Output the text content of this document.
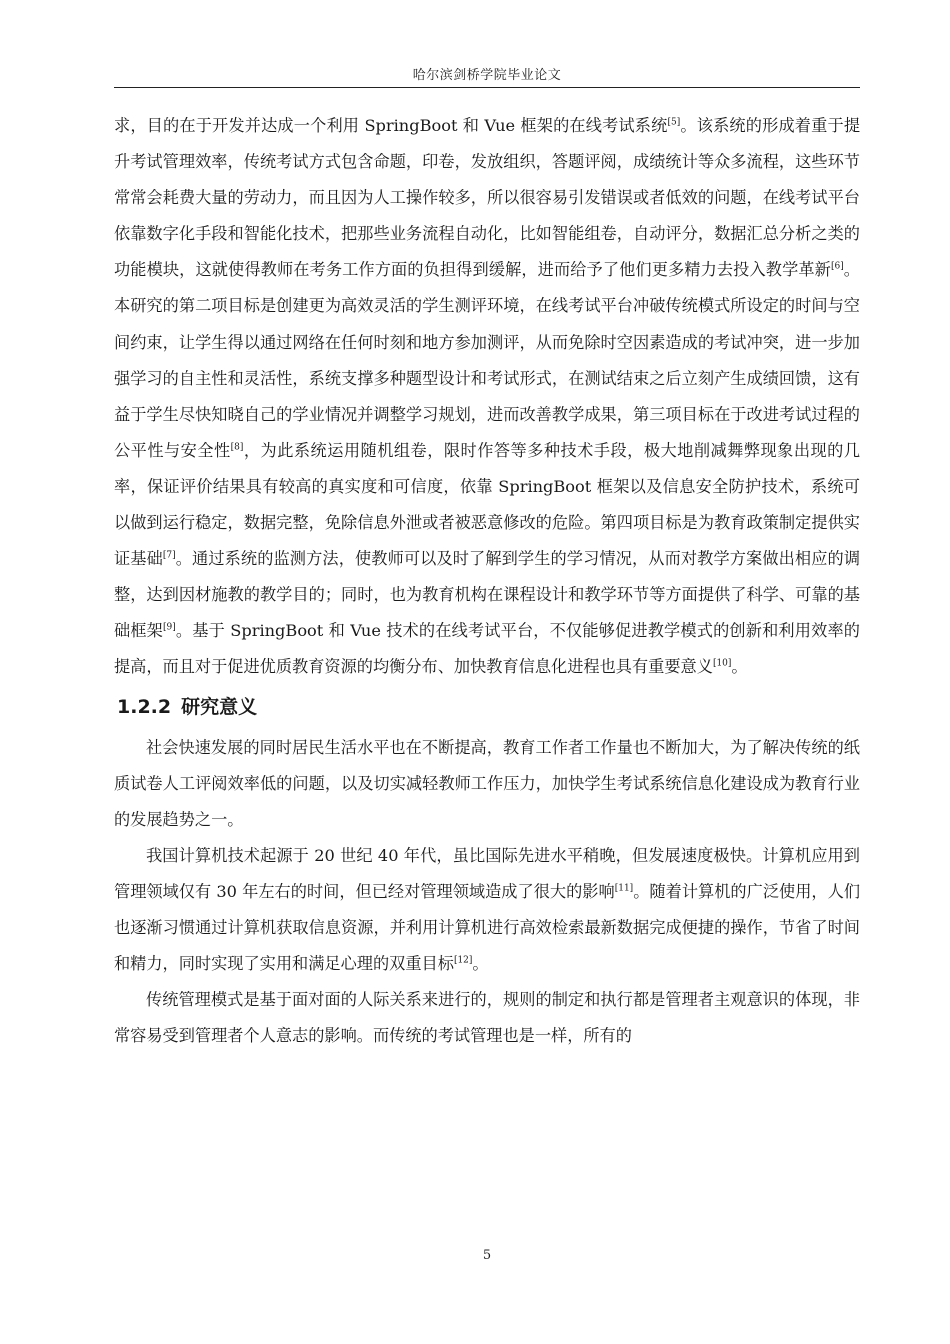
哈尔滨剑桥学院毕业论文

求，目的在于开发并达成一个利用 SpringBoot 和 Vue 框架的在线考试系统[5]。该系统的形成着重于提升考试管理效率，传统考试方式包含命题，印卷，发放组织，答题评阅，成绩统计等众多流程，这些环节常常会耗费大量的劳动力，而且因为人工操作较多，所以很容易引发错误或者低效的问题，在线考试平台依靠数字化手段和智能化技术，把那些业务流程自动化，比如智能组卷，自动评分，数据汇总分析之类的功能模块，这就使得教师在考务工作方面的负担得到缓解，进而给予了他们更多精力去投入教学革新[6]。本研究的第二项目标是创建更为高效灵活的学生测评环境，在线考试平台冲破传统模式所设定的时间与空间约束，让学生得以通过网络在任何时刻和地方参加测评，从而免除时空因素造成的考试冲突，进一步加强学习的自主性和灵活性，系统支撑多种题型设计和考试形式，在测试结束之后立刻产生成绩回馈，这有益于学生尽快知晓自己的学业情况并调整学习规划，进而改善教学成果，第三项目标在于改进考试过程的公平性与安全性[8]，为此系统运用随机组卷，限时作答等多种技术手段，极大地削减舞弊现象出现的几率，保证评价结果具有较高的真实度和可信度，依靠 SpringBoot 框架以及信息安全防护技术，系统可以做到运行稳定，数据完整，免除信息外泄或者被恶意修改的危险。第四项目标是为教育政策制定提供实证基础[7]。通过系统的监测方法，使教师可以及时了解到学生的学习情况，从而对教学方案做出相应的调整，达到因材施教的教学目的；同时，也为教育机构在课程设计和教学环节等方面提供了科学、可靠的基础框架[9]。基于 SpringBoot 和 Vue 技术的在线考试平台，不仅能够促进教学模式的创新和利用效率的提高，而且对于促进优质教育资源的均衡分布、加快教育信息化进程也具有重要意义[10]。

1.2.2 研究意义

社会快速发展的同时居民生活水平也在不断提高，教育工作者工作量也不断加大，为了解决传统的纸质试卷人工评阅效率低的问题，以及切实减轻教师工作压力，加快学生考试系统信息化建设成为教育行业的发展趋势之一。

我国计算机技术起源于 20 世纪 40 年代，虽比国际先进水平稍晚，但发展速度极快。计算机应用到管理领域仅有 30 年左右的时间，但已经对管理领域造成了很大的影响[11]。随着计算机的广泛使用，人们也逐渐习惯通过计算机获取信息资源，并利用计算机进行高效检索最新数据完成便捷的操作，节省了时间和精力，同时实现了实用和满足心理的双重目标[12]。

传统管理模式是基于面对面的人际关系来进行的，规则的制定和执行都是管理者主观意识的体现，非常容易受到管理者个人意志的影响。而传统的考试管理也是一样，所有的

5
